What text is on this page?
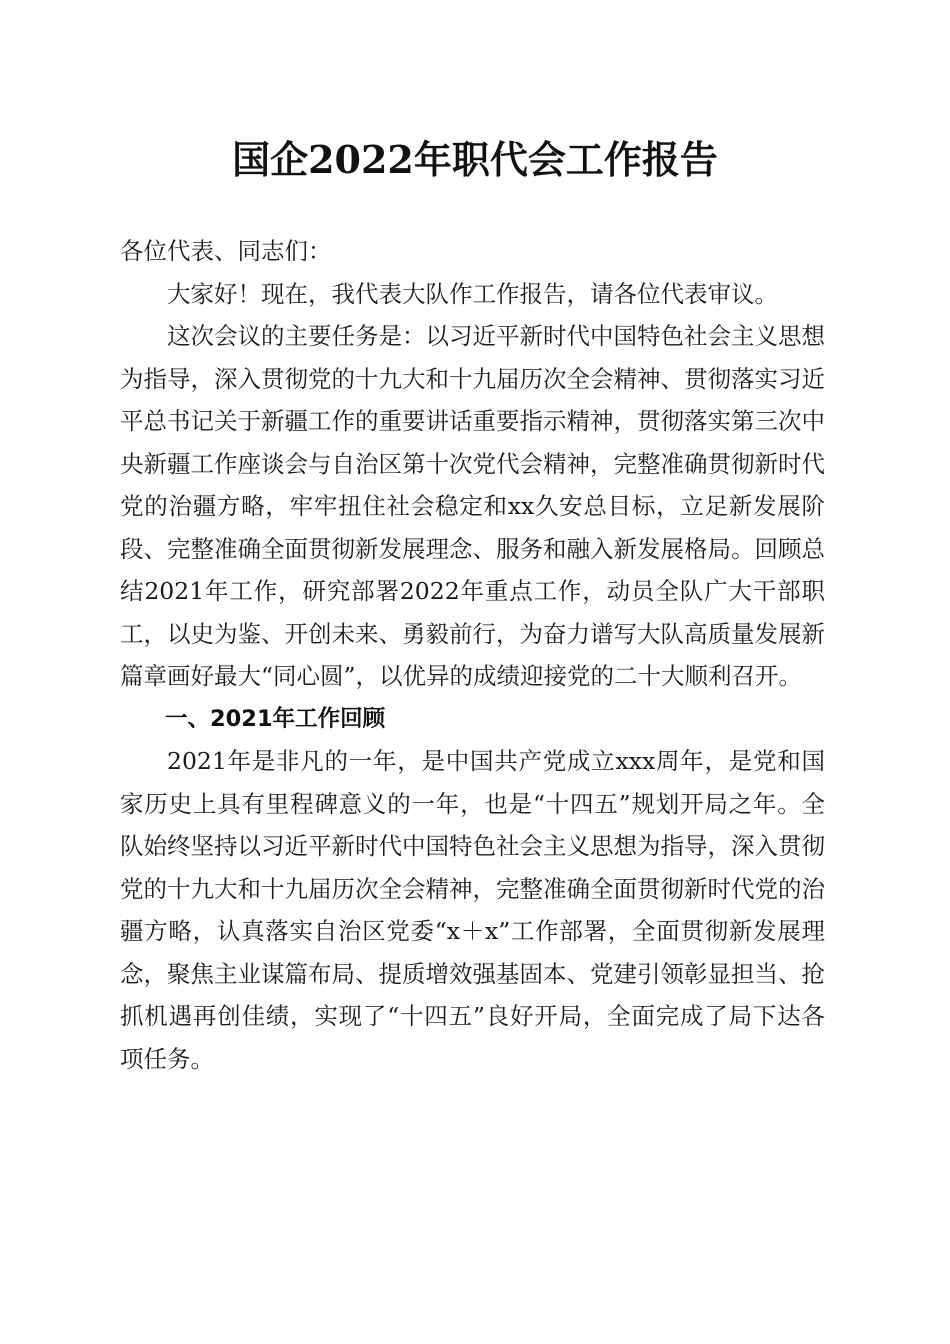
国企2022年职代会工作报告

各位代表、同志们：

大家好！现在，我代表大队作工作报告，请各位代表审议。

这次会议的主要任务是：以习近平新时代中国特色社会主义思想为指导，深入贯彻党的十九大和十九届历次全会精神、贯彻落实习近平总书记关于新疆工作的重要讲话重要指示精神，贯彻落实第三次中央新疆工作座谈会与自治区第十次党代会精神，完整准确贯彻新时代党的治疆方略，牢牢扭住社会稳定和xx久安总目标，立足新发展阶段、完整准确全面贯彻新发展理念、服务和融入新发展格局。回顾总结2021年工作，研究部署2022年重点工作，动员全队广大干部职工，以史为鉴、开创未来、勇毅前行，为奋力谱写大队高质量发展新篇章画好最大“同心圆”，以优异的成绩迎接党的二十大顺利召开。

一、2021年工作回顾

2021年是非凡的一年，是中国共产党成立xxx周年，是党和国家历史上具有里程碑意义的一年，也是“十四五”规划开局之年。全队始终坚持以习近平新时代中国特色社会主义思想为指导，深入贯彻党的十九大和十九届历次全会精神，完整准确全面贯彻新时代党的治疆方略，认真落实自治区党委“x＋x”工作部署，全面贯彻新发展理念，聚焦主业谋篇布局、提质增效强基固本、党建引领彰显担当、抢抓机遇再创佳绩，实现了“十四五”良好开局，全面完成了局下达各项任务。
